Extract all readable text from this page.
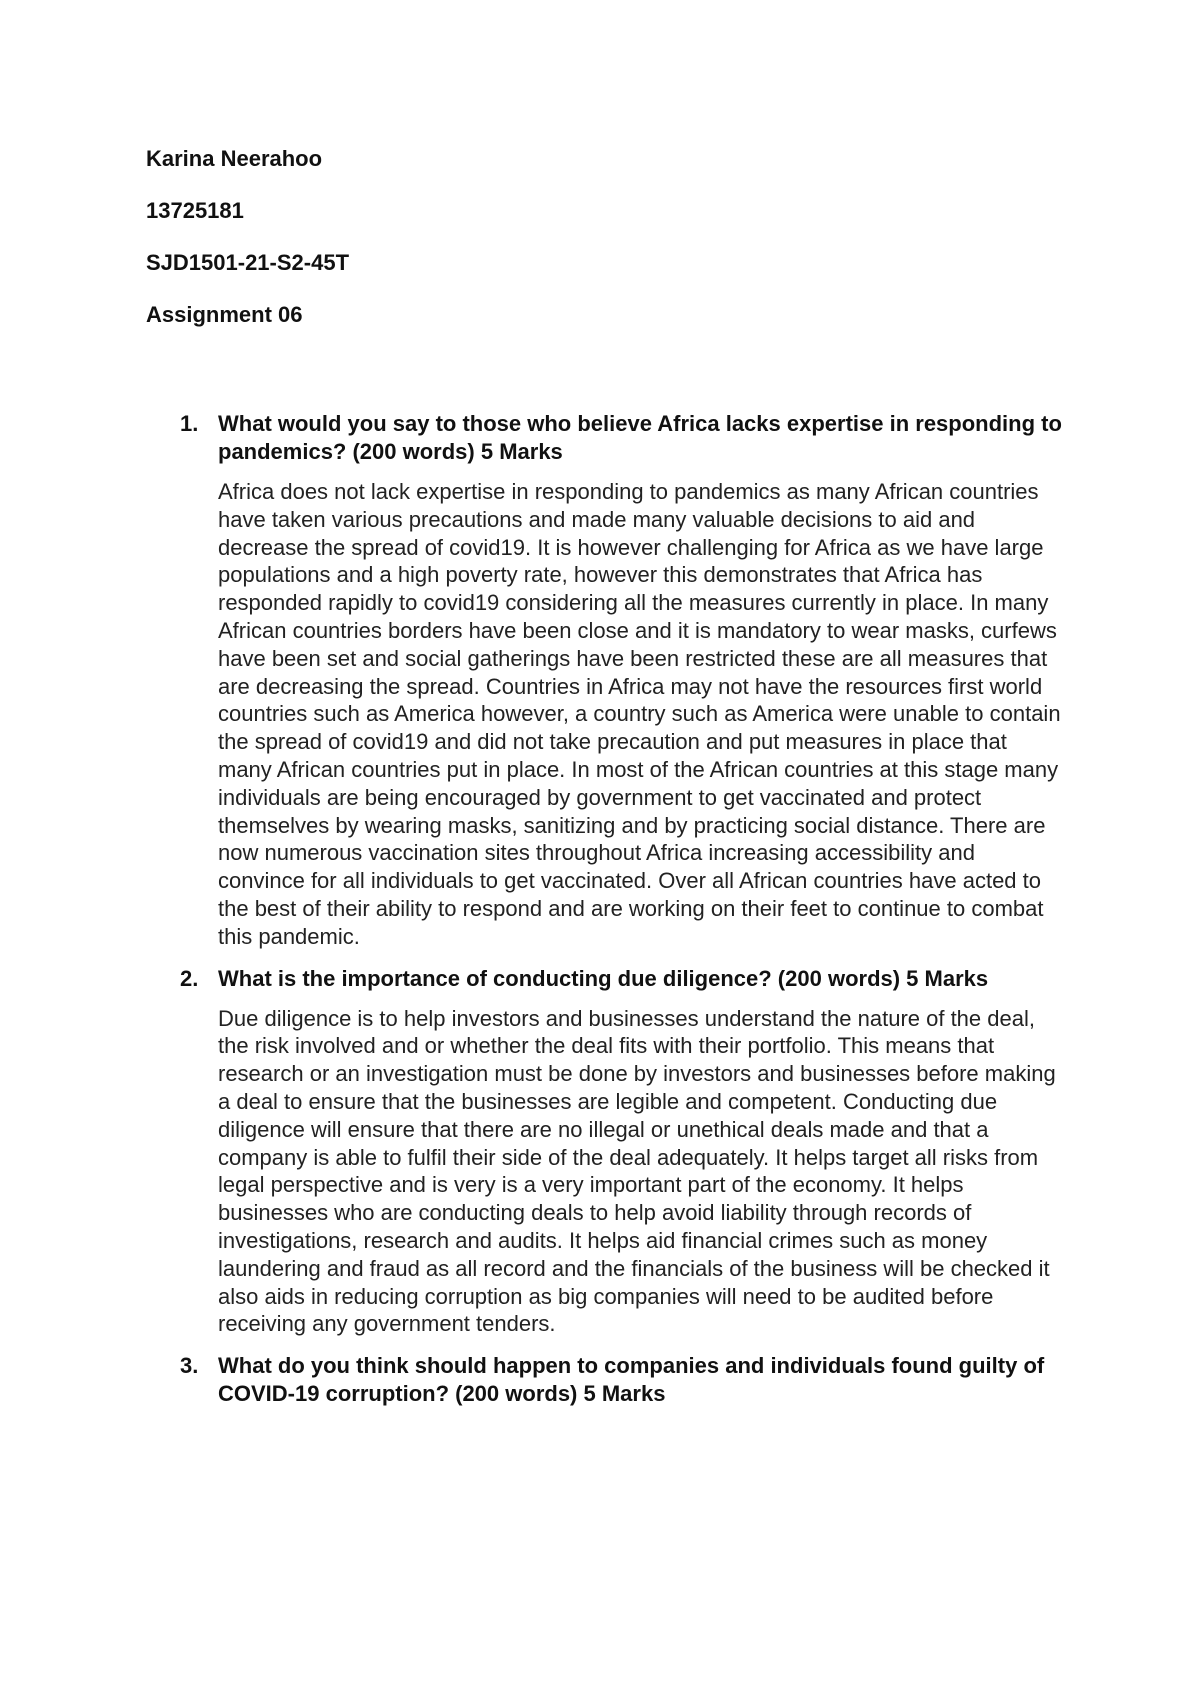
Karina Neerahoo
13725181
SJD1501-21-S2-45T
Assignment 06
1. What would you say to those who believe Africa lacks expertise in responding to pandemics? (200 words) 5 Marks
Africa does not lack expertise in responding to pandemics as many African countries have taken various precautions and made many valuable decisions to aid and decrease the spread of covid19. It is however challenging for Africa as we have large populations and a high poverty rate, however this demonstrates that Africa has responded rapidly to covid19 considering all the measures currently in place. In many African countries borders have been close and it is mandatory to wear masks, curfews have been set and social gatherings have been restricted these are all measures that are decreasing the spread. Countries in Africa may not have the resources first world countries such as America however, a country such as America were unable to contain the spread of covid19 and did not take precaution and put measures in place that many African countries put in place. In most of the African countries at this stage many individuals are being encouraged by government to get vaccinated and protect themselves by wearing masks, sanitizing and by practicing social distance. There are now numerous vaccination sites throughout Africa increasing accessibility and convince for all individuals to get vaccinated. Over all African countries have acted to the best of their ability to respond and are working on their feet to continue to combat this pandemic.
2. What is the importance of conducting due diligence? (200 words) 5 Marks
Due diligence is to help investors and businesses understand the nature of the deal, the risk involved and or whether the deal fits with their portfolio. This means that research or an investigation must be done by investors and businesses before making a deal to ensure that the businesses are legible and competent. Conducting due diligence will ensure that there are no illegal or unethical deals made and that a company is able to fulfil their side of the deal adequately. It helps target all risks from legal perspective and is very is a very important part of the economy. It helps businesses who are conducting deals to help avoid liability through records of investigations, research and audits. It helps aid financial crimes such as money laundering and fraud as all record and the financials of the business will be checked it also aids in reducing corruption as big companies will need to be audited before receiving any government tenders.
3. What do you think should happen to companies and individuals found guilty of COVID-19 corruption? (200 words) 5 Marks
